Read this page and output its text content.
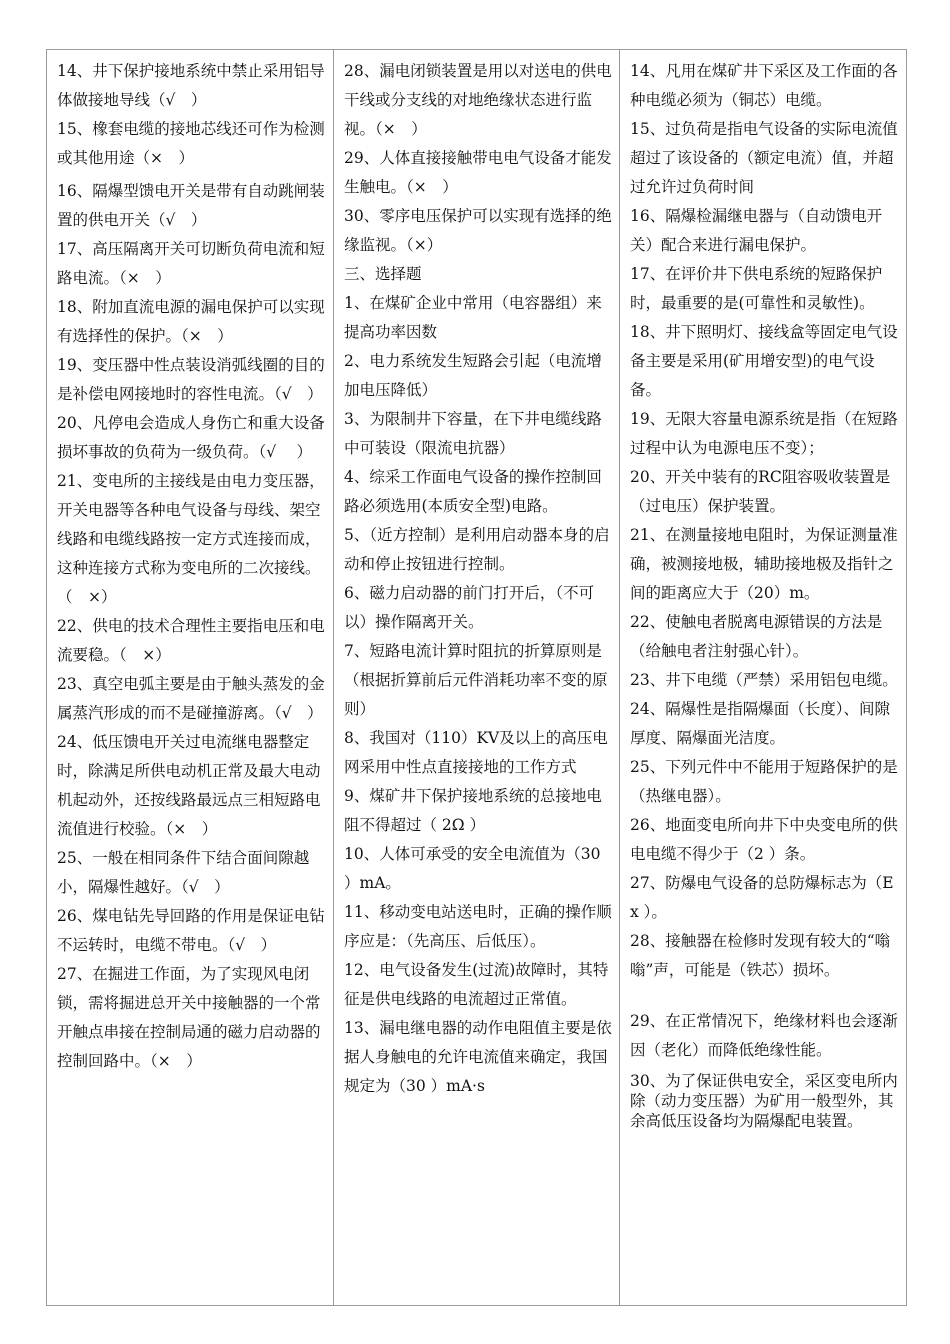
14、井下保护接地系统中禁止采用铝导体做接地导线（√　）

15、橡套电缆的接地芯线还可作为检测或其他用途（×　）

16、隔爆型馈电开关是带有自动跳闸装置的供电开关（√　）

17、高压隔离开关可切断负荷电流和短路电流。（×　）

18、附加直流电源的漏电保护可以实现有选择性的保护。（×　）

19、变压器中性点装设消弧线圈的目的是补偿电网接地时的容性电流。（√　）

20、凡停电会造成人身伤亡和重大设备损坏事故的负荷为一级负荷。（√　 ）

21、变电所的主接线是由电力变压器，开关电器等各种电气设备与母线、架空线路和电缆线路按一定方式连接而成，这种连接方式称为变电所的二次接线。（　×）

22、供电的技术合理性主要指电压和电流要稳。（　×）

23、真空电弧主要是由于触头蒸发的金属蒸汽形成的而不是碰撞游离。（√　）

24、低压馈电开关过电流继电器整定时，除满足所供电动机正常及最大电动机起动外，还按线路最远点三相短路电流值进行校验。（×　）

25、一般在相同条件下结合面间隙越小，隔爆性越好。（√　）

26、煤电钻先导回路的作用是保证电钻不运转时，电缆不带电。（√　）

27、在掘进工作面，为了实现风电闭锁，需将掘进总开关中接触器的一个常开触点串接在控制局通的磁力启动器的控制回路中。（×　）

28、漏电闭锁装置是用以对送电的供电干线或分支线的对地绝缘状态进行监视。（×　）

29、人体直接接触带电电气设备才能发生触电。（×　）

30、零序电压保护可以实现有选择的绝缘监视。（×）

三、选择题

1、在煤矿企业中常用（电容器组）来提高功率因数

2、电力系统发生短路会引起（电流增加电压降低）

3、为限制井下容量，在下井电缆线路中可装设（限流电抗器）

4、综采工作面电气设备的操作控制回路必须选用(本质安全型)电路。

5、（近方控制）是利用启动器本身的启动和停止按钮进行控制。

6、磁力启动器的前门打开后，（不可以）操作隔离开关。

7、短路电流计算时阻抗的折算原则是（根据折算前后元件消耗功率不变的原则）

8、我国对（110）KV及以上的高压电网采用中性点直接接地的工作方式

9、煤矿井下保护接地系统的总接地电阻不得超过（ 2Ω ）

10、人体可承受的安全电流值为（30 ）mA。

11、移动变电站送电时，正确的操作顺序应是：（先高压、后低压）。

12、电气设备发生(过流)故障时，其特征是供电线路的电流超过正常值。

13、漏电继电器的动作电阻值主要是依据人身触电的允许电流值来确定，我国规定为（30 ）mA·s

14、凡用在煤矿井下采区及工作面的各种电缆必须为（铜芯）电缆。

15、过负荷是指电气设备的实际电流值超过了该设备的（额定电流）值，并超过允许过负荷时间

16、隔爆检漏继电器与（自动馈电开关）配合来进行漏电保护。

17、在评价井下供电系统的短路保护时，最重要的是(可靠性和灵敏性)。

18、井下照明灯、接线盒等固定电气设备主要是采用(矿用增安型)的电气设备。

19、无限大容量电源系统是指（在短路过程中认为电源电压不变）；

20、开关中装有的RC阻容吸收装置是（过电压）保护装置。

21、在测量接地电阻时，为保证测量准确，被测接地极，辅助接地极及指针之间的距离应大于（20）m。

22、使触电者脱离电源错误的方法是（给触电者注射强心针）。

23、井下电缆（严禁）采用铝包电缆。

24、隔爆性是指隔爆面（长度）、间隙厚度、隔爆面光洁度。

25、下列元件中不能用于短路保护的是（热继电器）。

26、地面变电所向井下中央变电所的供电电缆不得少于（2 ）条。

27、防爆电气设备的总防爆标志为（Ex ）。

28、接触器在检修时发现有较大的“嗡嗡”声，可能是（铁芯）损坏。

29、在正常情况下，绝缘材料也会逐渐因（老化）而降低绝缘性能。

30、为了保证供电安全，采区变电所内除（动力变压器）为矿用一般型外，其余高低压设备均为隔爆配电装置。
